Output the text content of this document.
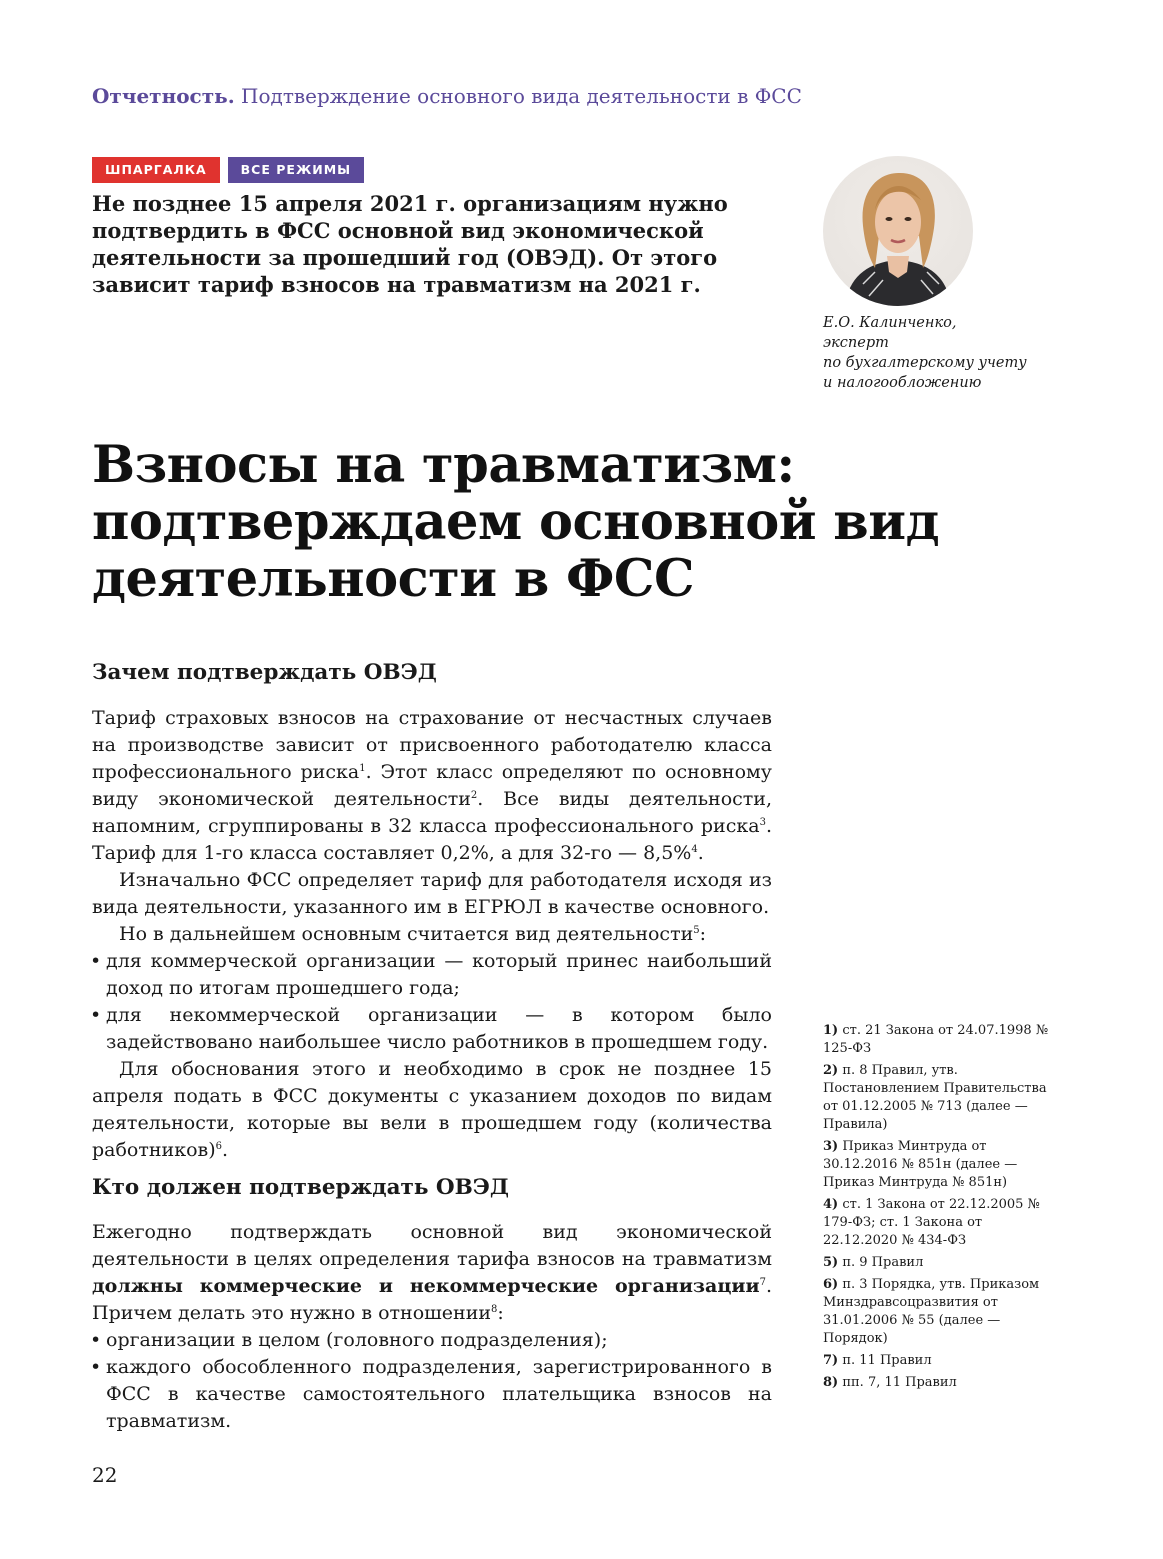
Отчетность. Подтверждение основного вида деятельности в ФСС
ШПАРГАЛКА	ВСЕ РЕЖИМЫ
Не позднее 15 апреля 2021 г. организациям нужно подтвердить в ФСС основной вид экономической деятельности за прошедший год (ОВЭД). От этого зависит тариф взносов на травматизм на 2021 г.
Е.О. Калинченко,
эксперт
по бухгалтерскому учету
и налогообложению
Взносы на травматизм:
подтверждаем основной вид
деятельности в ФСС
Зачем подтверждать ОВЭД

Тариф страховых взносов на страхование от несчастных случаев на производстве зависит от присвоенного работодателю класса профессионального риска$^1$. Этот класс определяют по основному виду экономической деятельности$^2$. Все виды деятельности, напомним, сгруппированы в 32 класса профессионального риска$^3$. Тариф для 1-го класса составляет 0,2%, а для 32-го — 8,5%$^4$.

Изначально ФСС определяет тариф для работодателя исходя из вида деятельности, указанного им в ЕГРЮЛ в качестве основного.

Но в дальнейшем основным считается вид деятельности$^5$:

• для коммерческой организации — который принес наибольший доход по итогам прошедшего года;
• для некоммерческой организации — в котором было задействовано наибольшее число работников в прошедшем году.

Для обоснования этого и необходимо в срок не позднее 15 апреля подать в ФСС документы с указанием доходов по видам деятельности, которые вы вели в прошедшем году (количества работников)$^6$.

Кто должен подтверждать ОВЭД

Ежегодно подтверждать основной вид экономической деятельности в целях определения тарифа взносов на травматизм должны коммерческие и некоммерческие организации$^7$. Причем делать это нужно в отношении$^8$:

• организации в целом (головного подразделения);
• каждого обособленного подразделения, зарегистрированного в ФСС в качестве самостоятельного плательщика взносов на травматизм.
1) ст. 21 Закона от 24.07.1998 № 125-ФЗ
2) п. 8 Правил, утв. Постановлением Правительства от 01.12.2005 № 713 (далее — Правила)
3) Приказ Минтруда от 30.12.2016 № 851н (далее — Приказ Минтруда № 851н)
4) ст. 1 Закона от 22.12.2005 № 179-ФЗ; ст. 1 Закона от 22.12.2020 № 434-ФЗ
5) п. 9 Правил
6) п. 3 Порядка, утв. Приказом Минздравсоцразвития от 31.01.2006 № 55 (далее — Порядок)
7) п. 11 Правил
8) пп. 7, 11 Правил
22
